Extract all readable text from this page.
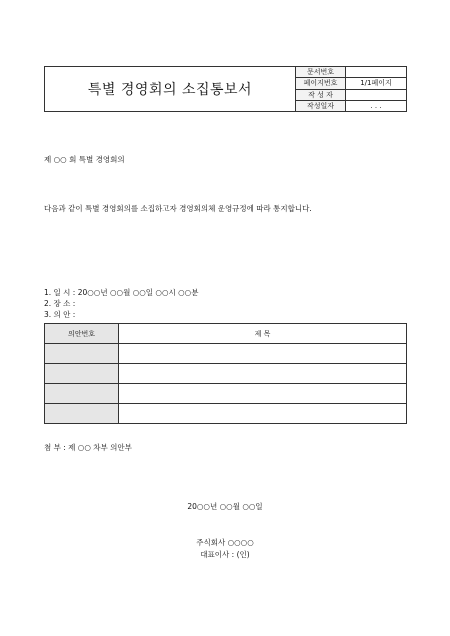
특별 경영회의 소집통보서
문서번호
페이지번호	1/1페이지
작 성 자
작성일자	. . .
제 ○○ 회 특별 경영회의
다음과 같이 특별 경영회의를 소집하고자 경영회의체 운영규정에 따라 통지합니다.
1. 일 시 : 20○○년 ○○월 ○○일 ○○시 ○○분
2. 장 소 :
3. 의 안 :
의안번호	제 목

첨 부 : 제 ○○ 차부 의안부
20○○년 ○○월 ○○일
주식회사 ○○○○
대표이사 : (인)
